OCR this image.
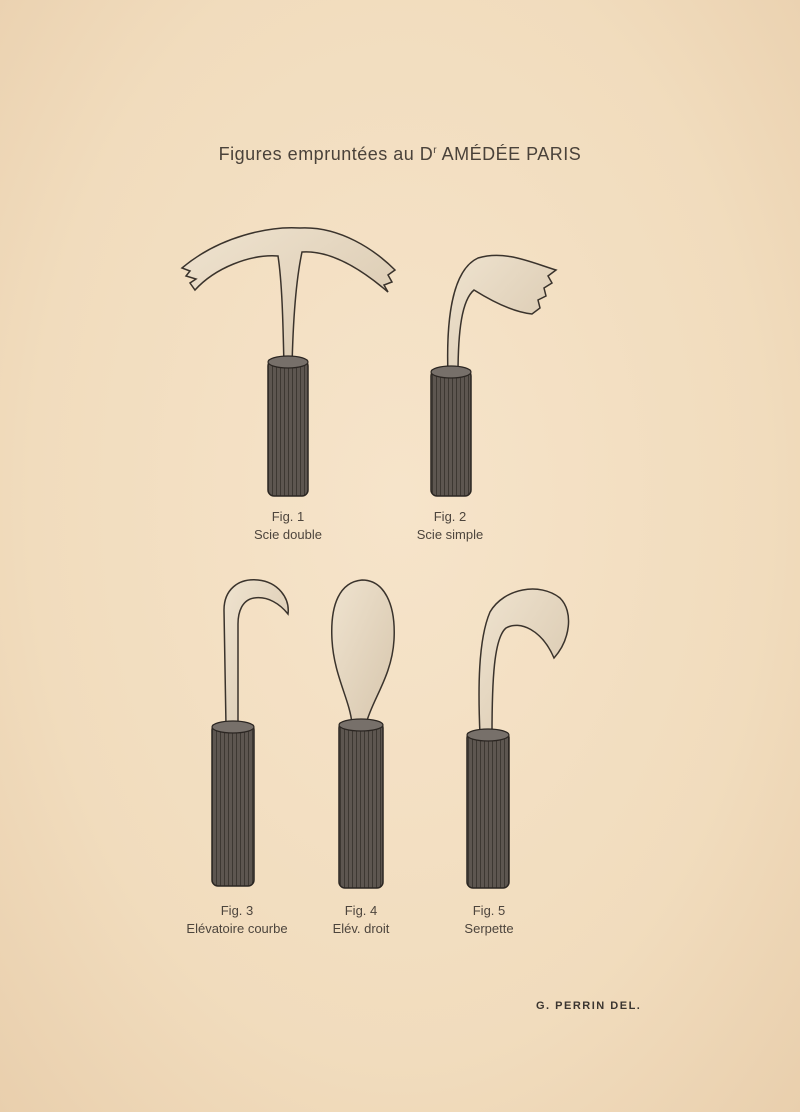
Figures empruntées au $D^r$ AMÉDÉE PARIS
Fig. 1
Scie double
Fig. 2
Scie simple
Fig. 3
Elévatoire courbe
Fig. 4
Elév. droit
Fig. 5
Serpette
G. PERRIN DEL.
